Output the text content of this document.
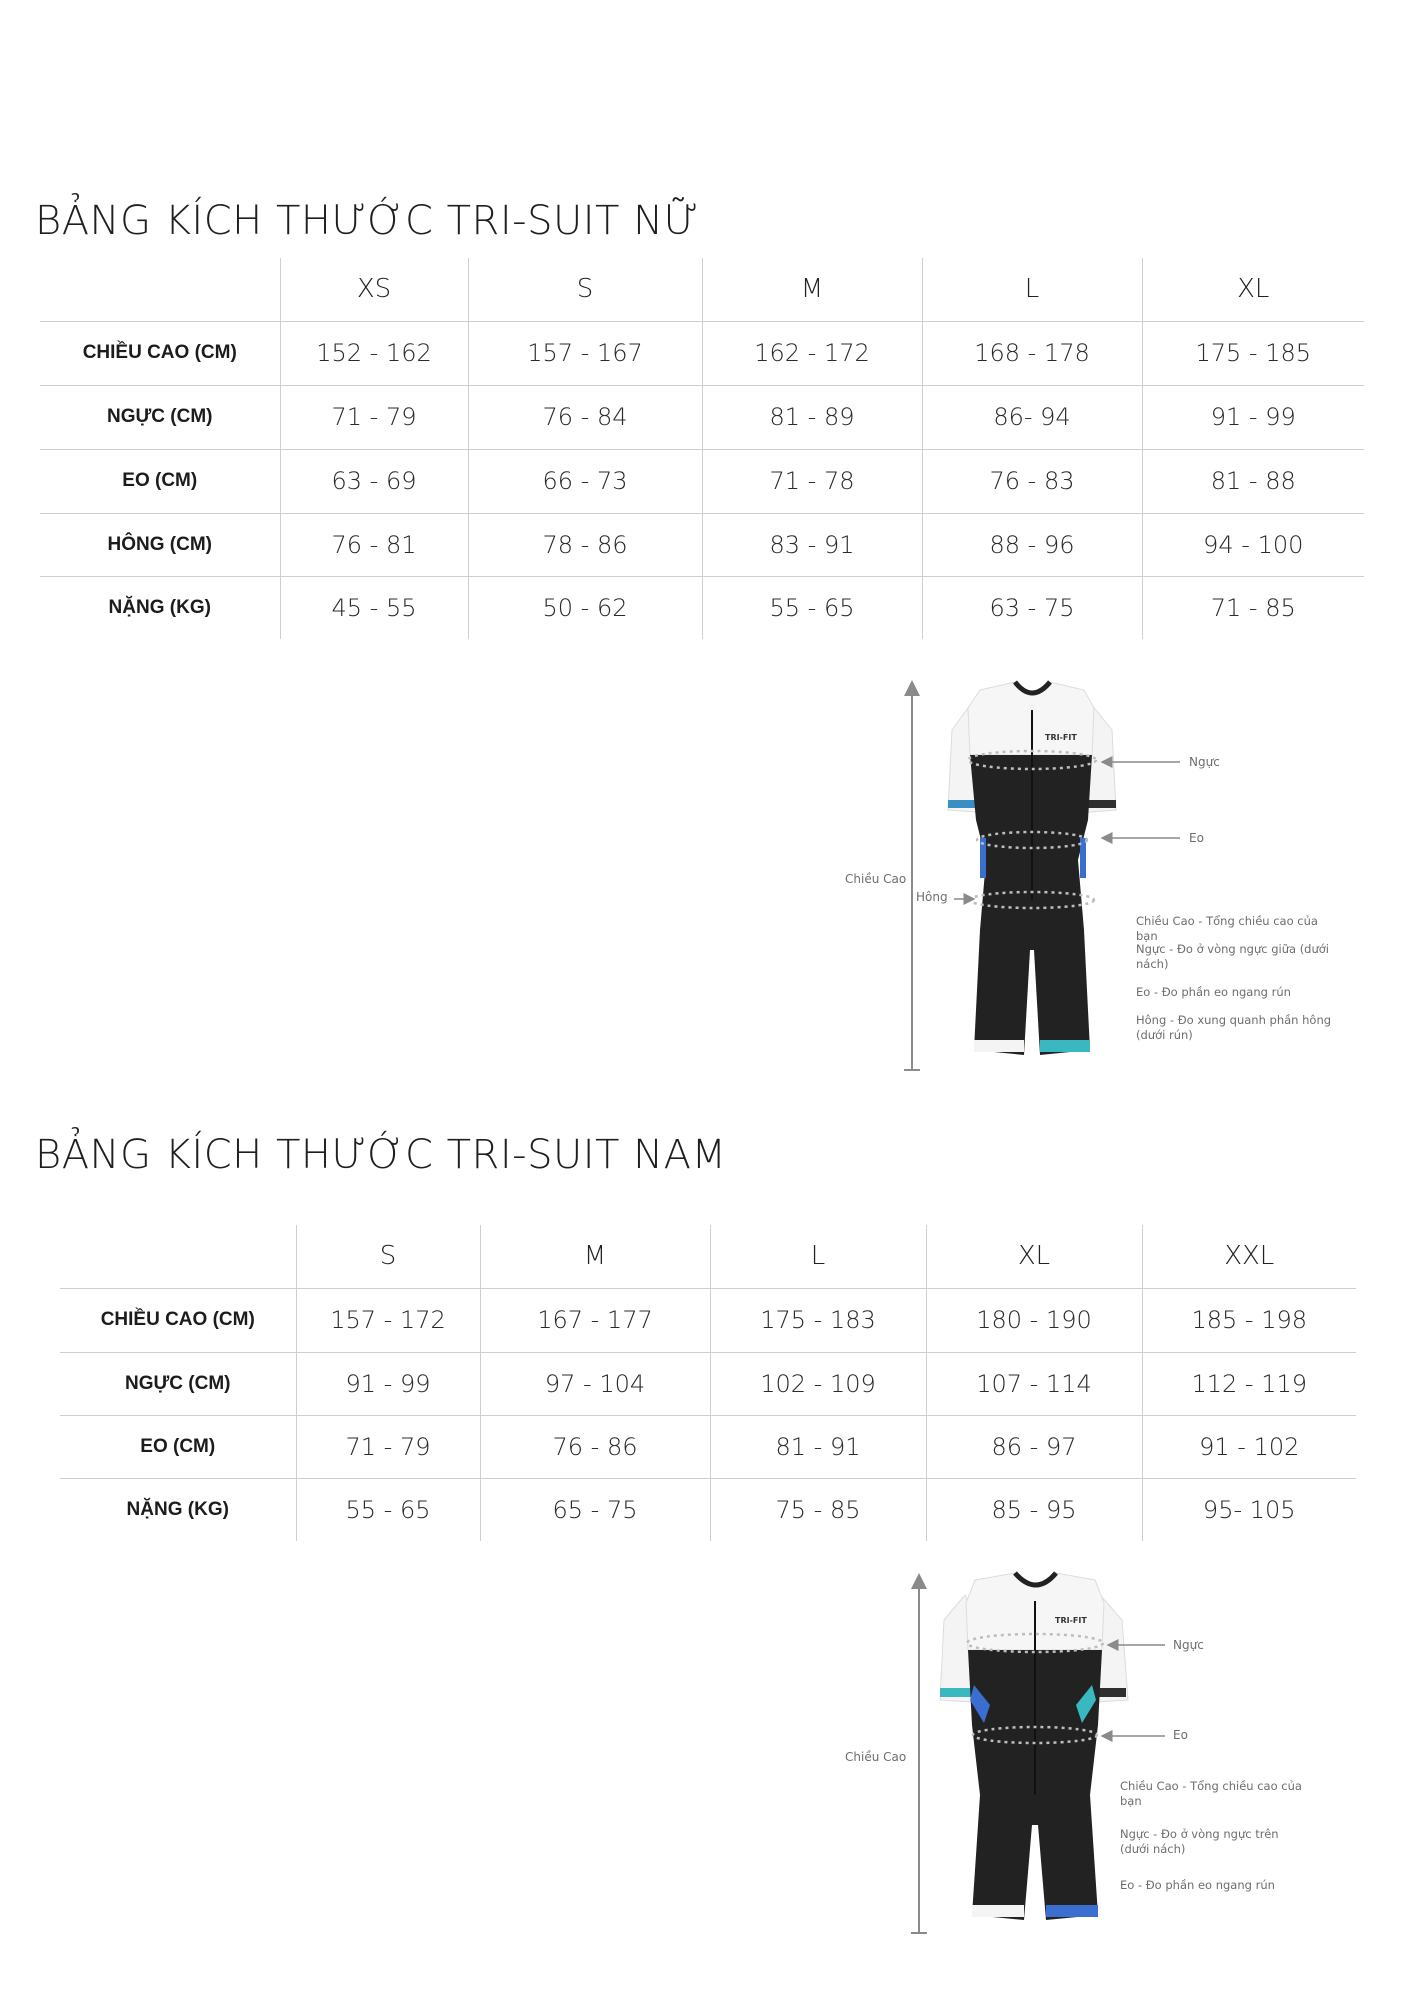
BẢNG KÍCH THƯỚC TRI-SUIT NỮ
	XS	S	M	L	XL
CHIỀU CAO (CM)	152 - 162	157 - 167	162 - 172	168 - 178	175 - 185
NGỰC (CM)	71 - 79	76 - 84	81 - 89	86- 94	91 - 99
EO (CM)	63 - 69	66 - 73	71 - 78	76 - 83	81 - 88
HÔNG (CM)	76 - 81	78 - 86	83 - 91	88 - 96	94 - 100
NẶNG (KG)	45 - 55	50 - 62	55 - 65	63 - 75	71 - 85
TRI-FIT
Ngực
Eo
Chiều Cao
Hông
Chiều Cao - Tổng chiều cao của bạn
Ngực - Đo ở vòng ngực giữa (dưới nách)
Eo - Đo phần eo ngang rún
Hông - Đo xung quanh phần hông (dưới rún)
BẢNG KÍCH THƯỚC TRI-SUIT NAM
	S	M	L	XL	XXL
CHIỀU CAO (CM)	157 - 172	167 - 177	175 - 183	180 - 190	185 - 198
NGỰC (CM)	91 - 99	97 - 104	102 - 109	107 - 114	112 - 119
EO (CM)	71 - 79	76 - 86	81 - 91	86 - 97	91 - 102
NẶNG (KG)	55 - 65	65 - 75	75 - 85	85 - 95	95- 105
TRI-FIT
Ngực
Eo
Chiều Cao
Chiều Cao - Tổng chiều cao của bạn
Ngực - Đo ở vòng ngực trên (dưới nách)
Eo - Đo phần eo ngang rún
